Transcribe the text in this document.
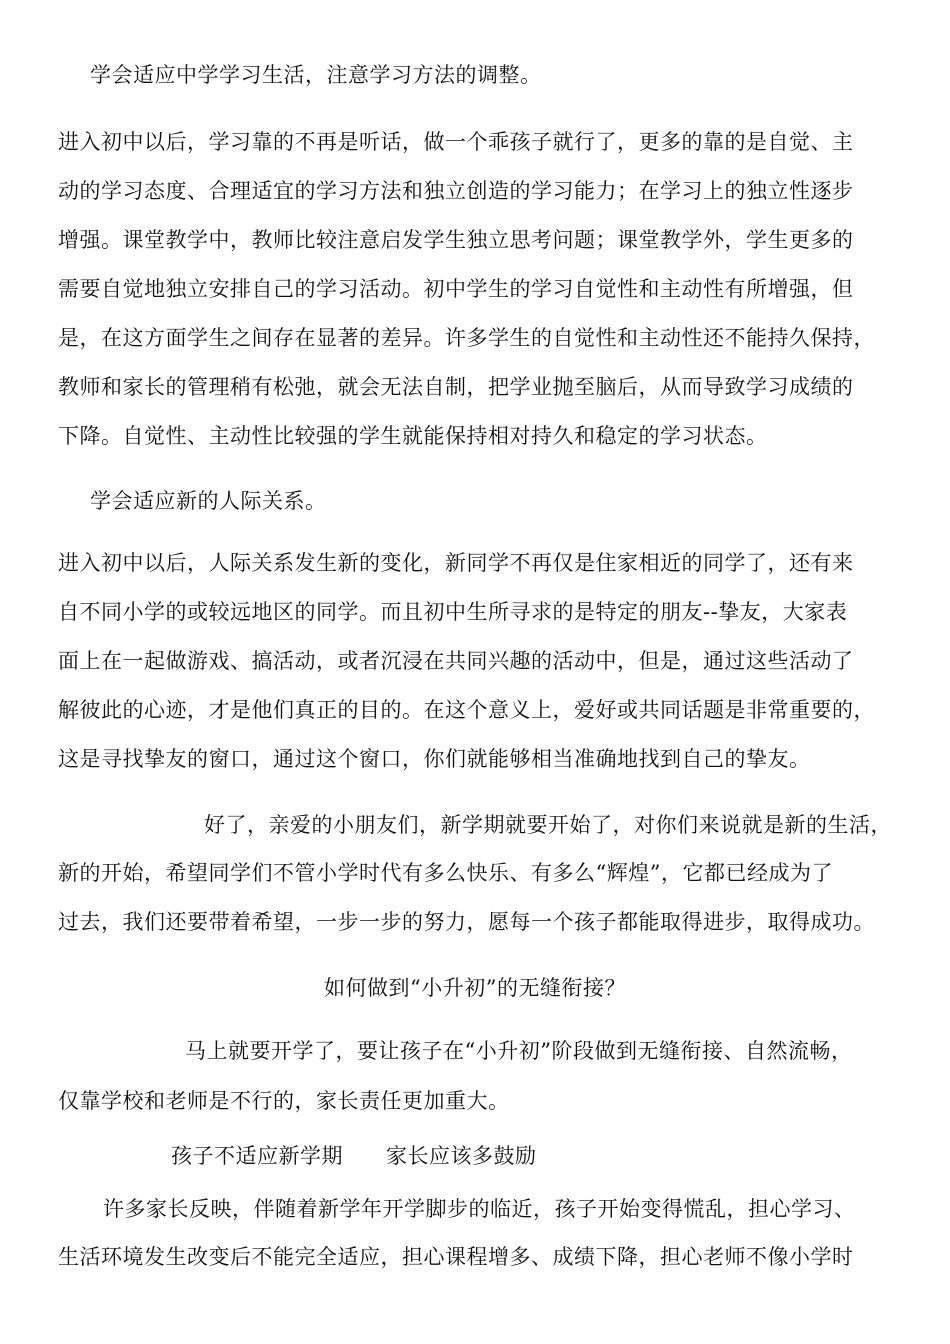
学会适应中学学习生活，注意学习方法的调整。
进入初中以后，学习靠的不再是听话，做一个乖孩子就行了，更多的靠的是自觉、主
动的学习态度、合理适宜的学习方法和独立创造的学习能力；在学习上的独立性逐步
增强。课堂教学中，教师比较注意启发学生独立思考问题；课堂教学外，学生更多的
需要自觉地独立安排自己的学习活动。初中学生的学习自觉性和主动性有所增强，但
是，在这方面学生之间存在显著的差异。许多学生的自觉性和主动性还不能持久保持，
教师和家长的管理稍有松弛，就会无法自制，把学业抛至脑后，从而导致学习成绩的
下降。自觉性、主动性比较强的学生就能保持相对持久和稳定的学习状态。
学会适应新的人际关系。
进入初中以后，人际关系发生新的变化，新同学不再仅是住家相近的同学了，还有来
自不同小学的或较远地区的同学。而且初中生所寻求的是特定的朋友--挚友，大家表
面上在一起做游戏、搞活动，或者沉浸在共同兴趣的活动中，但是，通过这些活动了
解彼此的心迹，才是他们真正的目的。在这个意义上，爱好或共同话题是非常重要的，
这是寻找挚友的窗口，通过这个窗口，你们就能够相当准确地找到自己的挚友。
好了，亲爱的小朋友们，新学期就要开始了，对你们来说就是新的生活，
新的开始，希望同学们不管小学时代有多么快乐、有多么“辉煌”，它都已经成为了
过去，我们还要带着希望，一步一步的努力，愿每一个孩子都能取得进步，取得成功。
如何做到“小升初”的无缝衔接？
马上就要开学了，要让孩子在“小升初”阶段做到无缝衔接、自然流畅，
仅靠学校和老师是不行的，家长责任更加重大。
孩子不适应新学期　　家长应该多鼓励
许多家长反映，伴随着新学年开学脚步的临近，孩子开始变得慌乱，担心学习、
生活环境发生改变后不能完全适应，担心课程增多、成绩下降，担心老师不像小学时
